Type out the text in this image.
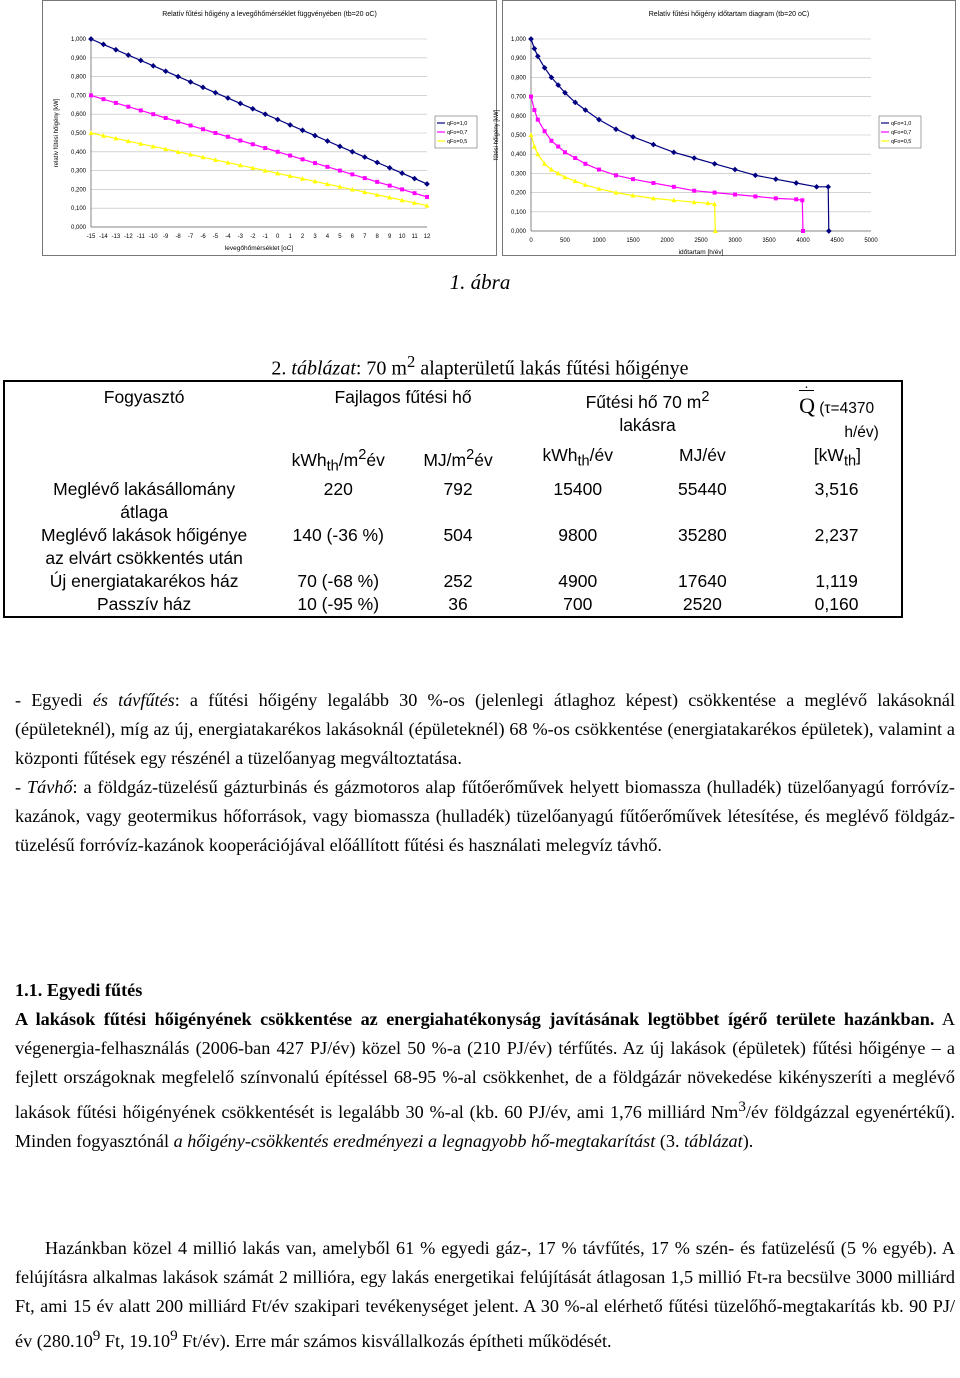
Relatív fűtési hőigény a levegőhőmérséklet függvényében (tb=20 oC)
1,000
0,900
0,800
0,700
0,600
0,500
0,400
0,300
0,200
0,100
0,000
-15 -14 -13 -12 -11 -10 -9 -8 -7 -6 -5 -4 -3 -2 -1 0 1 2 3 4 5 6 7 8 9 10 11 12
levegőhőmérséklet [oC]
relatív fűtési hőigény [kW]	qFo=1,0
qFo=0,7
qFo=0,5
Relatív fűtési hőigény időtartam diagram (tb=20 oC)
1,000
0,900
0,800
0,700
0,600
0,500
0,400
0,300
0,200
0,100
0,000
0	500	1000	1500	2000	2500	3000	3500	4000	4500	5000
időtartam [h/év]
fűtési hőigény [kW]	qFo=1,0
qFo=0,7
qFo=0,5
1. ábra
2. táblázat: 70 $m^2$ alapterületű lakás fűtési hőigénye
Fogyasztó	Fajlagos fűtési hő		Fűtési hő 70 $m^2$
lakásra		·
Q (τ=4370
h/év)
	$kWh_{th}/m^2év$	$MJ/m^2év$	kWh$_{th}$/év	MJ/év	$[kW_{th}]$
Meglévő lakásállomány
átlaga	220	792	15400	55440	3,516
Meglévő lakások hőigénye
az elvárt csökkentés után	140 (-36 %)	504	9800	35280	2,237
Új energiatakarékos ház	70 (-68 %)	252	4900	17640	1,119
Passzív ház	10 (-95 %)	36	700	2520	0,160

- Egyedi és távfűtés: a fűtési hőigény legalább 30 %-os (jelenlegi átlaghoz képest) csökkentése a meglévő lakásoknál (épületeknél), míg az új, energiatakarékos lakásoknál (épületeknél) 68 %-os csökkentése (energiatakarékos épületek), valamint a központi fűtések egy részénél a tüzelőanyag megváltoztatása.

- Távhő: a földgáz-tüzelésű gázturbinás és gázmotoros alap fűtőerőművek helyett biomassza (hulladék) tüzelőanyagú forróvíz-kazánok, vagy geotermikus hőforrások, vagy biomassza (hulladék) tüzelőanyagú fűtőerőművek létesítése, és meglévő földgáz-tüzelésű forróvíz-kazánok kooperációjával előállított fűtési és használati melegvíz távhő.

1.1. Egyedi fűtés

A lakások fűtési hőigényének csökkentése az energiahatékonyság javításának legtöbbet ígérő területe hazánkban. A végenergia-felhasználás (2006-ban 427 PJ/év) közel 50 %-a (210 PJ/év) térfűtés. Az új lakások (épületek) fűtési hőigénye – a fejlett országoknak megfelelő színvonalú építéssel 68-95 %-al csökkenhet, de a földgázár növekedése kikényszeríti a meglévő lakások fűtési hőigényének csökkentését is legalább 30 %-al (kb. 60 PJ/év, ami 1,76 milliárd Nm$^3$/év földgázzal egyenértékű). Minden fogyasztónál a hőigény-csökkentés eredményezi a legnagyobb hő-megtakarítást (3. táblázat).

Hazánkban közel 4 millió lakás van, amelyből 61 % egyedi gáz-, 17 % távfűtés, 17 % szén- és fatüzelésű (5 % egyéb). A felújításra alkalmas lakások számát 2 millióra, egy lakás energetikai felújítását átlagosan 1,5 millió Ft-ra becsülve 3000 milliárd Ft, ami 15 év alatt 200 milliárd Ft/év szakipari tevékenységet jelent. A 30 %-al elérhető fűtési tüzelőhő-megtakarítás kb. 90 PJ/év (280.10$^9$ Ft, 19.10$^9$ Ft/év). Erre már számos kisvállalkozás építheti működését.
